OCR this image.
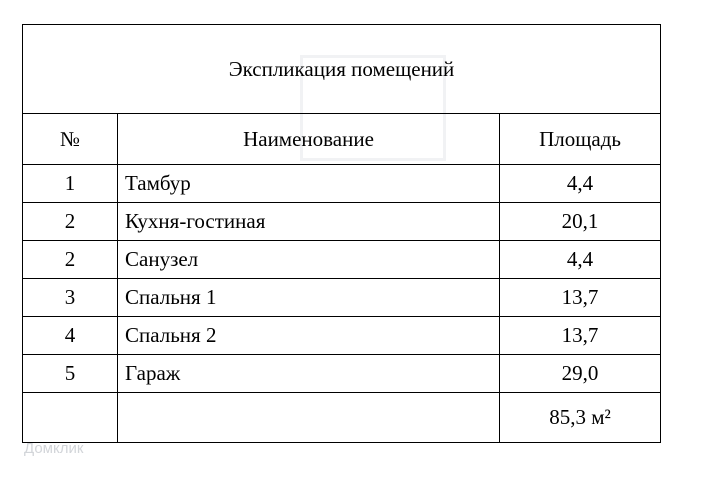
Домклик
Экспликация помещений		
№	Наименование	Площадь
1	Тамбур	4,4
2	Кухня-гостиная	20,1
2	Санузел	4,4
3	Спальня 1	13,7
4	Спальня 2	13,7
5	Гараж	29,0
		85,3 м²
